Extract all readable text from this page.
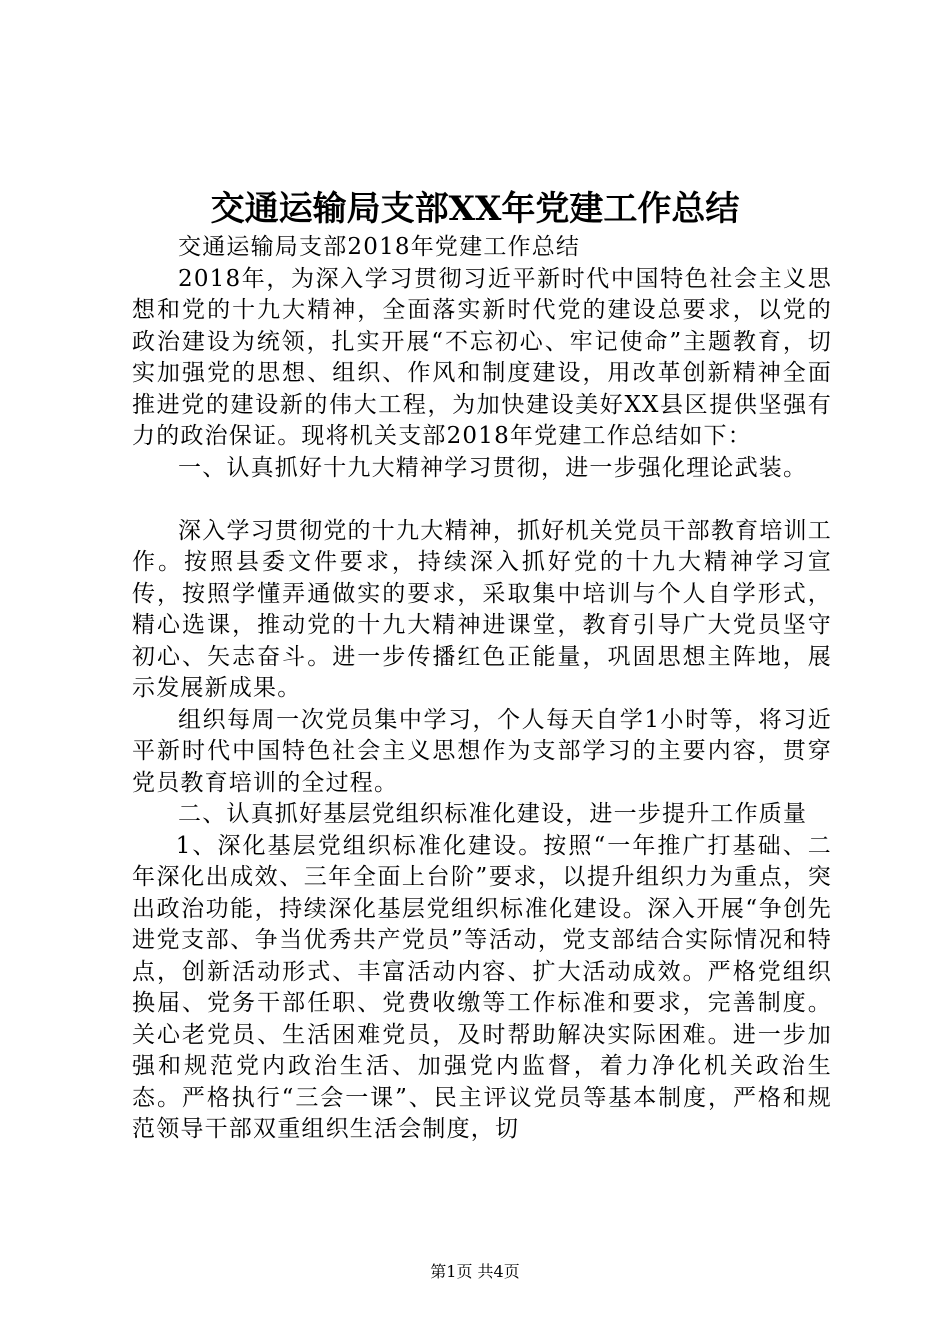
交通运输局支部XX年党建工作总结

交通运输局支部2018年党建工作总结

2018年，为深入学习贯彻习近平新时代中国特色社会主义思想和党的十九大精神，全面落实新时代党的建设总要求，以党的政治建设为统领，扎实开展“不忘初心、牢记使命”主题教育，切实加强党的思想、组织、作风和制度建设，用改革创新精神全面推进党的建设新的伟大工程，为加快建设美好XX县区提供坚强有力的政治保证。现将机关支部2018年党建工作总结如下：

一、认真抓好十九大精神学习贯彻，进一步强化理论武装。

深入学习贯彻党的十九大精神，抓好机关党员干部教育培训工作。按照县委文件要求，持续深入抓好党的十九大精神学习宣传，按照学懂弄通做实的要求，采取集中培训与个人自学形式，精心选课，推动党的十九大精神进课堂，教育引导广大党员坚守初心、矢志奋斗。进一步传播红色正能量，巩固思想主阵地，展示发展新成果。

组织每周一次党员集中学习，个人每天自学1小时等，将习近平新时代中国特色社会主义思想作为支部学习的主要内容，贯穿党员教育培训的全过程。

二、认真抓好基层党组织标准化建设，进一步提升工作质量

1、深化基层党组织标准化建设。按照“一年推广打基础、二年深化出成效、三年全面上台阶”要求，以提升组织力为重点，突出政治功能，持续深化基层党组织标准化建设。深入开展“争创先进党支部、争当优秀共产党员”等活动，党支部结合实际情况和特点，创新活动形式、丰富活动内容、扩大活动成效。严格党组织换届、党务干部任职、党费收缴等工作标准和要求，完善制度。关心老党员、生活困难党员，及时帮助解决实际困难。进一步加强和规范党内政治生活、加强党内监督，着力净化机关政治生态。严格执行“三会一课”、民主评议党员等基本制度，严格和规范领导干部双重组织生活会制度，切

第1页 共4页
